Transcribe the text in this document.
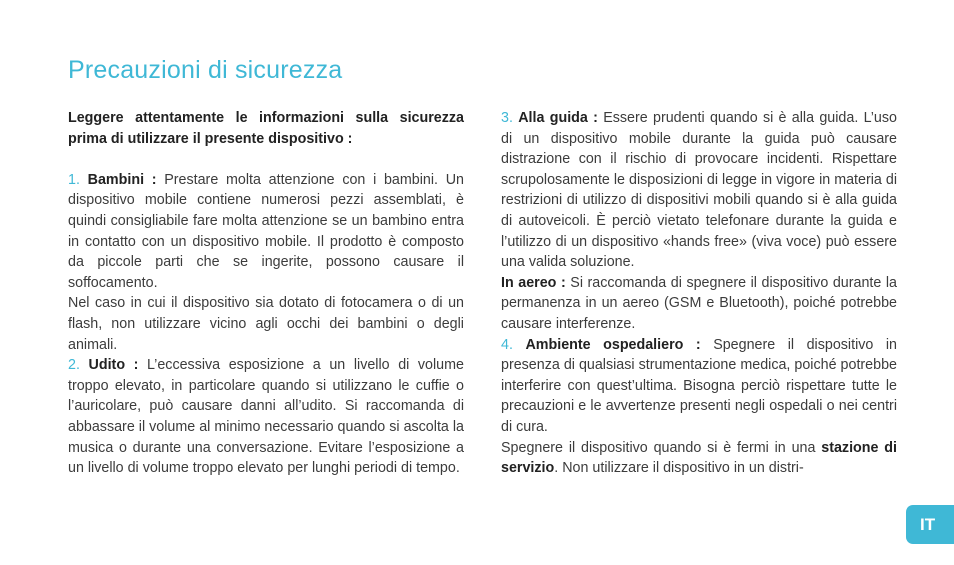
Precauzioni di sicurezza

Leggere attentamente le informazioni sulla sicurezza prima di utilizzare il presente dispositivo :

1. Bambini : Prestare molta attenzione con i bambini. Un dispositivo mobile contiene numerosi pezzi assemblati, è quindi consigliabile fare molta attenzione se un bambino entra in contatto con un dispositivo mobile. Il prodotto è composto da piccole parti che se ingerite, possono causare il soffocamento.

Nel caso in cui il dispositivo sia dotato di fotocamera o di un flash, non utilizzare vicino agli occhi dei bambini o degli animali.

2. Udito : L’eccessiva esposizione a un livello di volume troppo elevato, in particolare quando si utilizzano le cuffie o l’auricolare, può causare danni all’udito. Si raccomanda di abbassare il volume al minimo necessario quando si ascolta la musica o durante una conversazione. Evitare l’esposizione a un livello di volume troppo elevato per lunghi periodi di tempo.

3. Alla guida : Essere prudenti quando si è alla guida. L’uso di un dispositivo mobile durante la guida può causare distrazione con il rischio di provocare incidenti. Rispettare scrupolosamente le disposizioni di legge in vigore in materia di restrizioni di utilizzo di dispositivi mobili quando si è alla guida di autoveicoli. È perciò vietato telefonare durante la guida e l’utilizzo di un dispositivo «hands free» (viva voce) può essere una valida soluzione.

In aereo : Si raccomanda di spegnere il dispositivo durante la permanenza in un aereo (GSM e Bluetooth), poiché potrebbe causare interferenze.

4. Ambiente ospedaliero : Spegnere il dispositivo in presenza di qualsiasi strumentazione medica, poiché potrebbe interferire con quest’ultima. Bisogna perciò rispettare tutte le precauzioni e le avvertenze presenti negli ospedali o nei centri di cura.

Spegnere il dispositivo quando si è fermi in una stazione di servizio. Non utilizzare il dispositivo in un distri-

IT
